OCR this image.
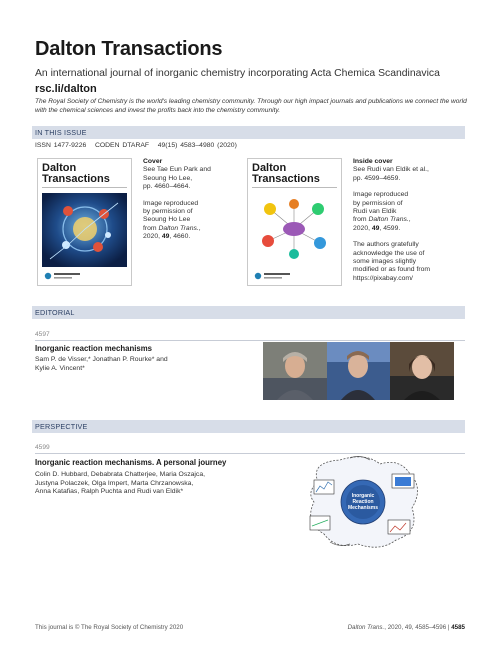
Dalton Transactions
An international journal of inorganic chemistry incorporating Acta Chemica Scandinavica
rsc.li/dalton
The Royal Society of Chemistry is the world's leading chemistry community. Through our high impact journals and publications we connect the world with the chemical sciences and invest the profits back into the chemistry community.
IN THIS ISSUE
ISSN 1477-9226 CODEN DTARAF 49(15) 4583–4980 (2020)
Dalton
Transactions
Cover
See Tae Eun Park and
Seoung Ho Lee,
pp. 4660–4664.
Image reproduced
by permission of
Seoung Ho Lee
from Dalton Trans.,
2020, 49, 4660.
Dalton
Transactions
Inside cover
See Rudi van Eldik et al.,
pp. 4599–4659.
Image reproduced
by permission of
Rudi van Eldik
from Dalton Trans.,
2020, 49, 4599.
The authors gratefully
acknowledge the use of
some images slightly
modified or as found from
https://pixabay.com/
EDITORIAL
4597
Inorganic reaction mechanisms
Sam P. de Visser,* Jonathan P. Rourke* and
Kylie A. Vincent*
PERSPECTIVE
4599
Inorganic reaction mechanisms. A personal journey
Colin D. Hubbard, Debabrata Chatterjee, Maria Oszajca,
Justyna Polaczek, Olga Impert, Marta Chrzanowska,
Anna Katafias, Ralph Puchta and Rudi van Eldik*
Inorganic
Reaction
Mechanisms
This journal is © The Royal Society of Chemistry 2020	Dalton Trans., 2020, 49, 4585–4596 | 4585
